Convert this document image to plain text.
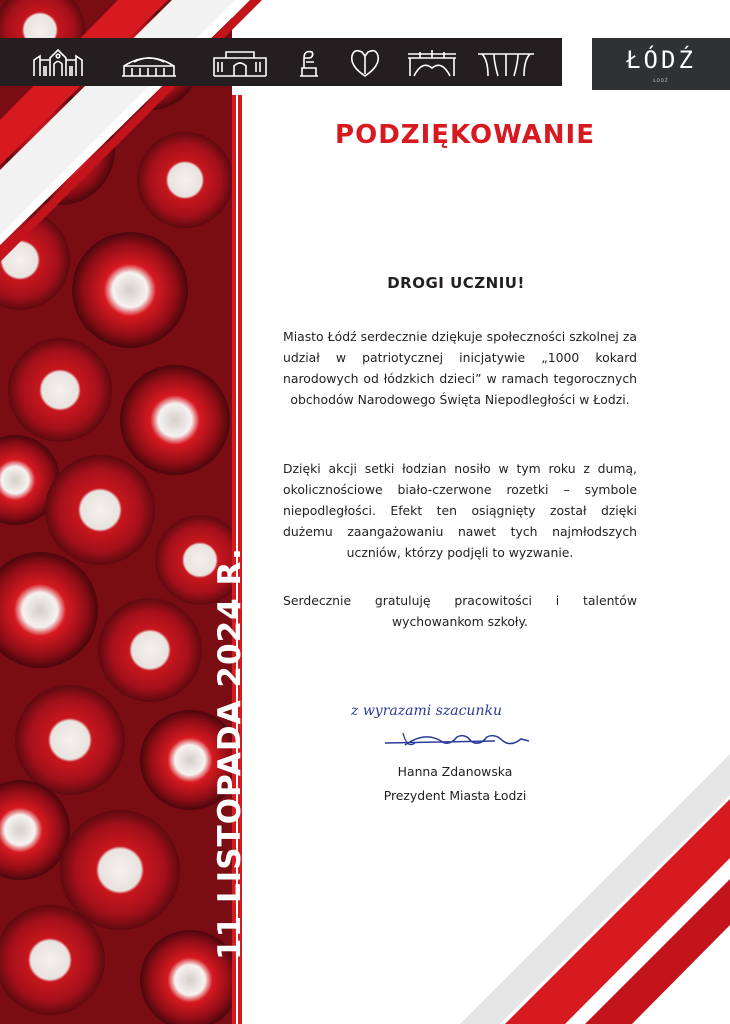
ŁÓDŹ
ŁÓDŹ
11 LISTOPADA 2024 R.
PODZIĘKOWANIE
DROGI UCZNIU!
Miasto Łódź serdecznie dziękuje społeczności szkolnej za udział w patriotycznej inicjatywie „1000 kokard narodowych od łódzkich dzieci” w ramach tegorocznych obchodów Narodowego Święta Niepodległości w Łodzi.
Dzięki akcji setki łodzian nosiło w tym roku z dumą, okolicznościowe biało-czerwone rozetki – symbole niepodległości. Efekt ten osiągnięty został dzięki dużemu zaangażowaniu nawet tych najmłodszych uczniów, którzy podjęli to wyzwanie.
Serdecznie gratuluję pracowitości i talentów wychowankom szkoły.
z wyrazami szacunku
Hanna Zdanowska
Prezydent Miasta Łodzi
